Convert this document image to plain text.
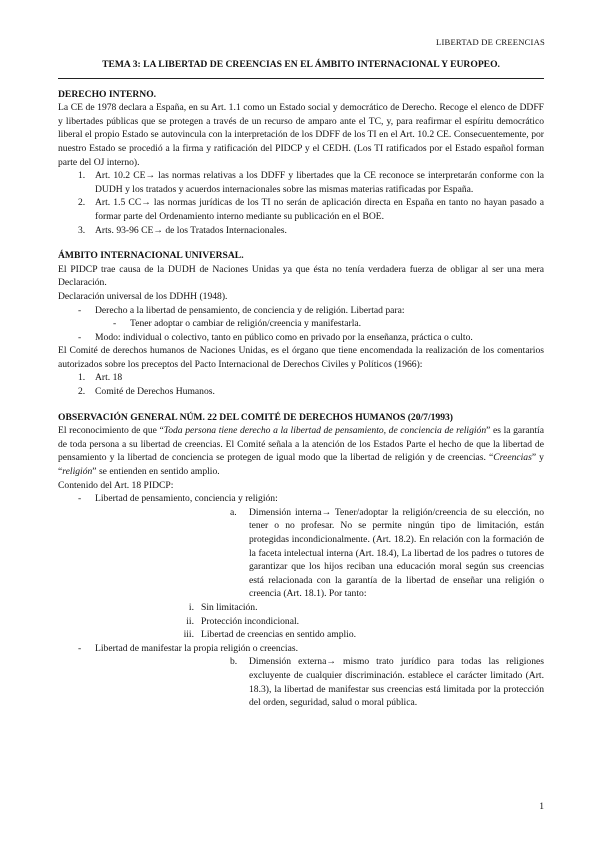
LIBERTAD DE CREENCIAS
TEMA 3: LA LIBERTAD DE CREENCIAS EN EL ÁMBITO INTERNACIONAL Y EUROPEO.
DERECHO INTERNO.

La CE de 1978 declara a España, en su Art. 1.1 como un Estado social y democrático de Derecho. Recoge el elenco de DDFF y libertades públicas que se protegen a través de un recurso de amparo ante el TC, y, para reafirmar el espíritu democrático liberal el propio Estado se autovincula con la interpretación de los DDFF de los TI en el Art. 10.2 CE. Consecuentemente, por nuestro Estado se procedió a la firma y ratificación del PIDCP y el CEDH. (Los TI ratificados por el Estado español forman parte del OJ interno).

1. Art. 10.2 CE→ las normas relativas a los DDFF y libertades que la CE reconoce se interpretarán conforme con la DUDH y los tratados y acuerdos internacionales sobre las mismas materias ratificadas por España.
2. Art. 1.5 CC→ las normas jurídicas de los TI no serán de aplicación directa en España en tanto no hayan pasado a formar parte del Ordenamiento interno mediante su publicación en el BOE.
3. Arts. 93-96 CE→ de los Tratados Internacionales.
ÁMBITO INTERNACIONAL UNIVERSAL.

El PIDCP trae causa de la DUDH de Naciones Unidas ya que ésta no tenía verdadera fuerza de obligar al ser una mera Declaración.

Declaración universal de los DDHH (1948).

- Derecho a la libertad de pensamiento, de conciencia y de religión. Libertad para:
- Tener adoptar o cambiar de religión/creencia y manifestarla.
- Modo: individual o colectivo, tanto en público como en privado por la enseñanza, práctica o culto.

El Comité de derechos humanos de Naciones Unidas, es el órgano que tiene encomendada la realización de los comentarios autorizados sobre los preceptos del Pacto Internacional de Derechos Civiles y Políticos (1966):

1. Art. 18
2. Comité de Derechos Humanos.
OBSERVACIÓN GENERAL NÚM. 22 DEL COMITÉ DE DERECHOS HUMANOS (20/7/1993)

El reconocimiento de que “Toda persona tiene derecho a la libertad de pensamiento, de conciencia de religión” es la garantía de toda persona a su libertad de creencias. El Comité señala a la atención de los Estados Parte el hecho de que la libertad de pensamiento y la libertad de conciencia se protegen de igual modo que la libertad de religión y de creencias. “Creencias” y “religión” se entienden en sentido amplio.

Contenido del Art. 18 PIDCP:

- Libertad de pensamiento, conciencia y religión:
a. Dimensión interna→ Tener/adoptar la religión/creencia de su elección, no tener o no profesar. No se permite ningún tipo de limitación, están protegidas incondicionalmente. (Art. 18.2). En relación con la formación de la faceta intelectual interna (Art. 18.4), La libertad de los padres o tutores de garantizar que los hijos reciban una educación moral según sus creencias está relacionada con la garantía de la libertad de enseñar una religión o creencia (Art. 18.1). Por tanto:
i. Sin limitación.
ii. Protección incondicional.
iii. Libertad de creencias en sentido amplio.
- Libertad de manifestar la propia religión o creencias.
b. Dimensión externa→ mismo trato jurídico para todas las religiones excluyente de cualquier discriminación. establece el carácter limitado (Art. 18.3), la libertad de manifestar sus creencias está limitada por la protección del orden, seguridad, salud o moral pública.
1
